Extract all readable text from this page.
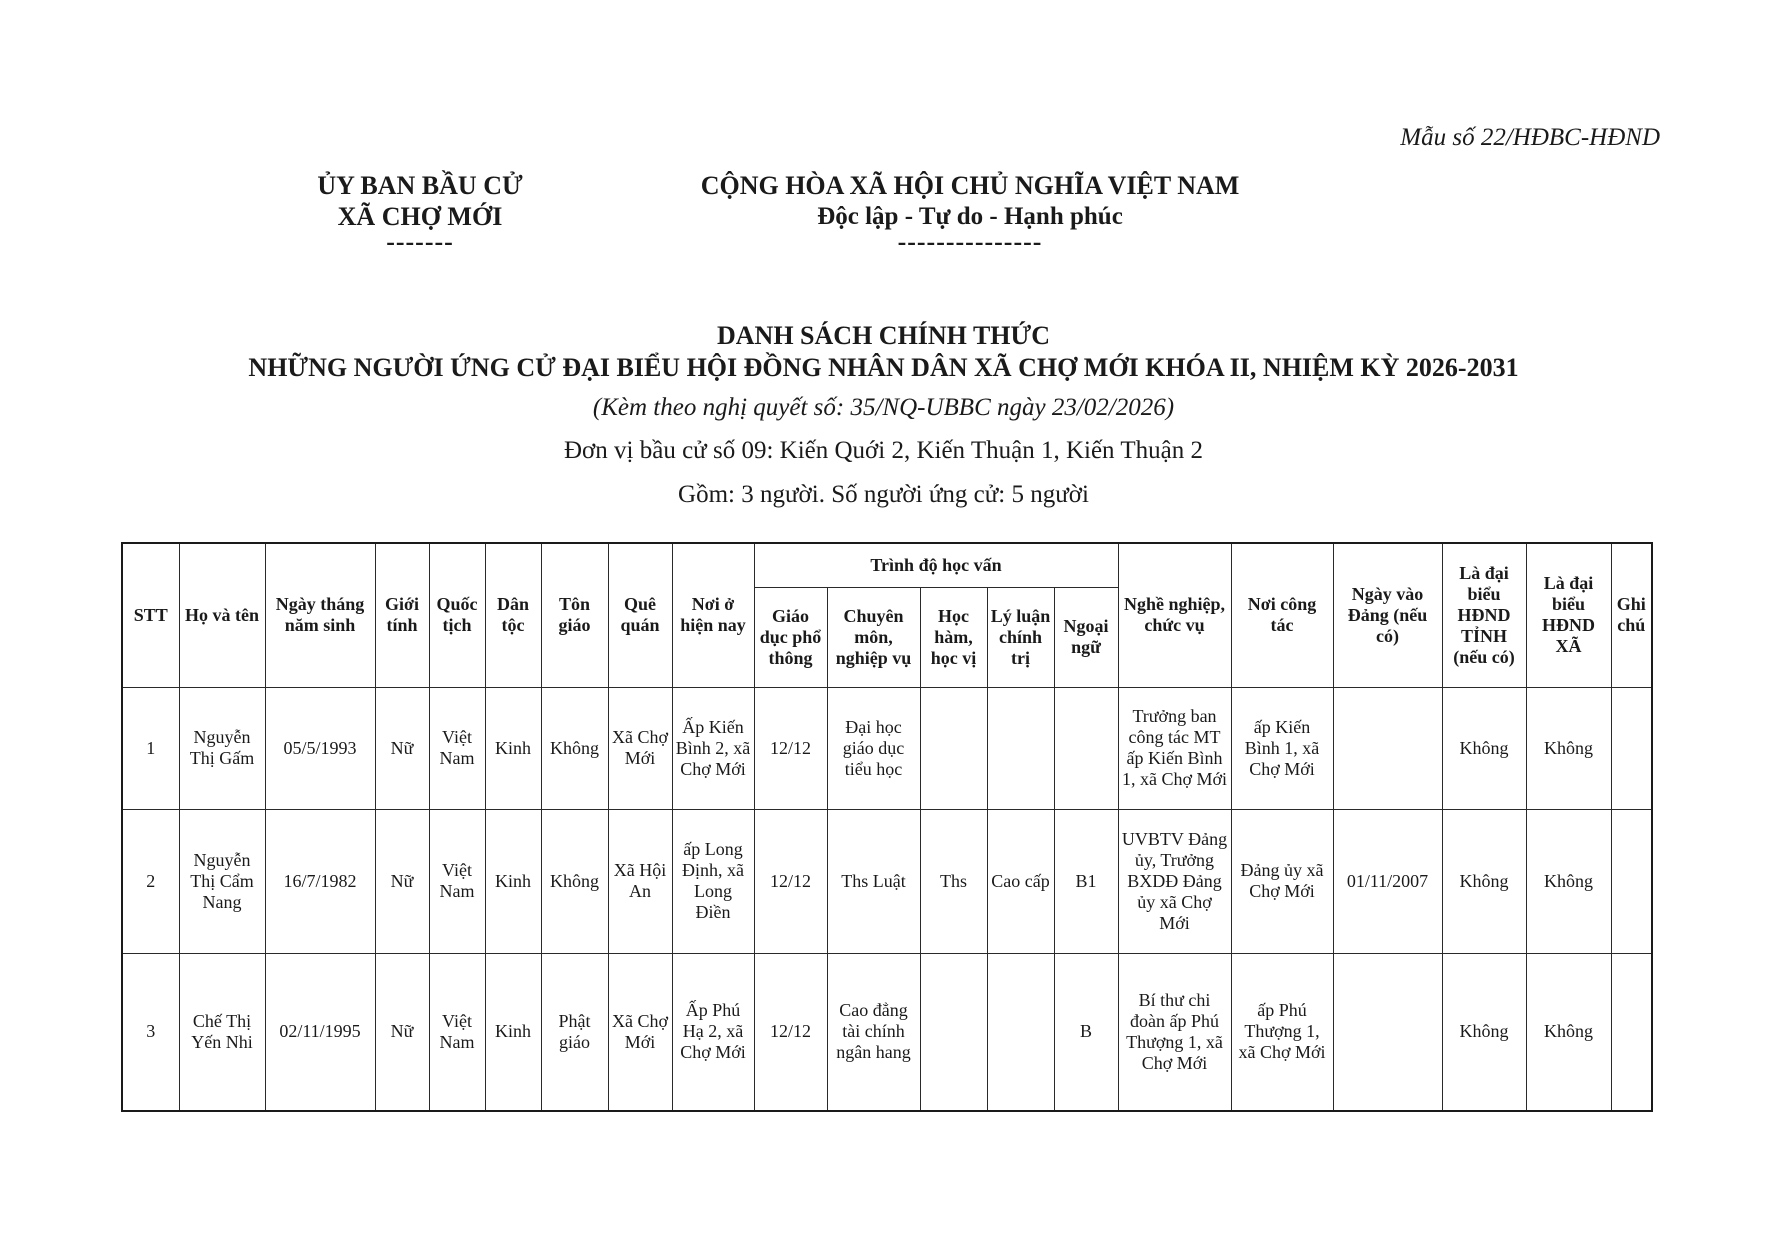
Mẫu số 22/HĐBC-HĐND
ỦY BAN BẦU CỬ
XÃ CHỢ MỚI
-------
CỘNG HÒA XÃ HỘI CHỦ NGHĨA VIỆT NAM
Độc lập - Tự do - Hạnh phúc
---------------
DANH SÁCH CHÍNH THỨC
NHỮNG NGƯỜI ỨNG CỬ ĐẠI BIỂU HỘI ĐỒNG NHÂN DÂN XÃ CHỢ MỚI KHÓA II, NHIỆM KỲ 2026-2031
(Kèm theo nghị quyết số: 35/NQ-UBBC ngày 23/02/2026)
Đơn vị bầu cử số 09: Kiến Quới 2, Kiến Thuận 1, Kiến Thuận 2
Gồm: 3 người. Số người ứng cử: 5 người
STT	Họ và tên	Ngày tháng năm sinh	Giới tính	Quốc tịch	Dân tộc	Tôn giáo	Quê quán	Nơi ở hiện nay	Trình độ học vấn					Nghề nghiệp, chức vụ	Nơi công tác	Ngày vào Đảng (nếu có)	Là đại biểu HĐND TỈNH (nếu có)	Là đại biểu HĐND XÃ	Ghi chú
									Giáo dục phổ thông	Chuyên môn, nghiệp vụ	Học hàm, học vị	Lý luận chính trị	Ngoại ngữ						
1	Nguyễn Thị Gấm	05/5/1993	Nữ	Việt Nam	Kinh	Không	Xã Chợ Mới	Ấp Kiến Bình 2, xã Chợ Mới	12/12	Đại học giáo dục tiểu học				Trưởng ban công tác MT ấp Kiến Bình 1, xã Chợ Mới	ấp Kiến Bình 1, xã Chợ Mới		Không	Không	
2	Nguyễn Thị Cẩm Nang	16/7/1982	Nữ	Việt Nam	Kinh	Không	Xã Hội An	ấp Long Định, xã Long Điền	12/12	Ths Luật	Ths	Cao cấp	B1	UVBTV Đảng ủy, Trưởng BXDĐ Đảng ủy xã Chợ Mới	Đảng ủy xã Chợ Mới	01/11/2007	Không	Không	
3	Chế Thị Yến Nhi	02/11/1995	Nữ	Việt Nam	Kinh	Phật giáo	Xã Chợ Mới	Ấp Phú Hạ 2, xã Chợ Mới	12/12	Cao đẳng tài chính ngân hang			B	Bí thư chi đoàn ấp Phú Thượng 1, xã Chợ Mới	ấp Phú Thượng 1, xã Chợ Mới		Không	Không	
